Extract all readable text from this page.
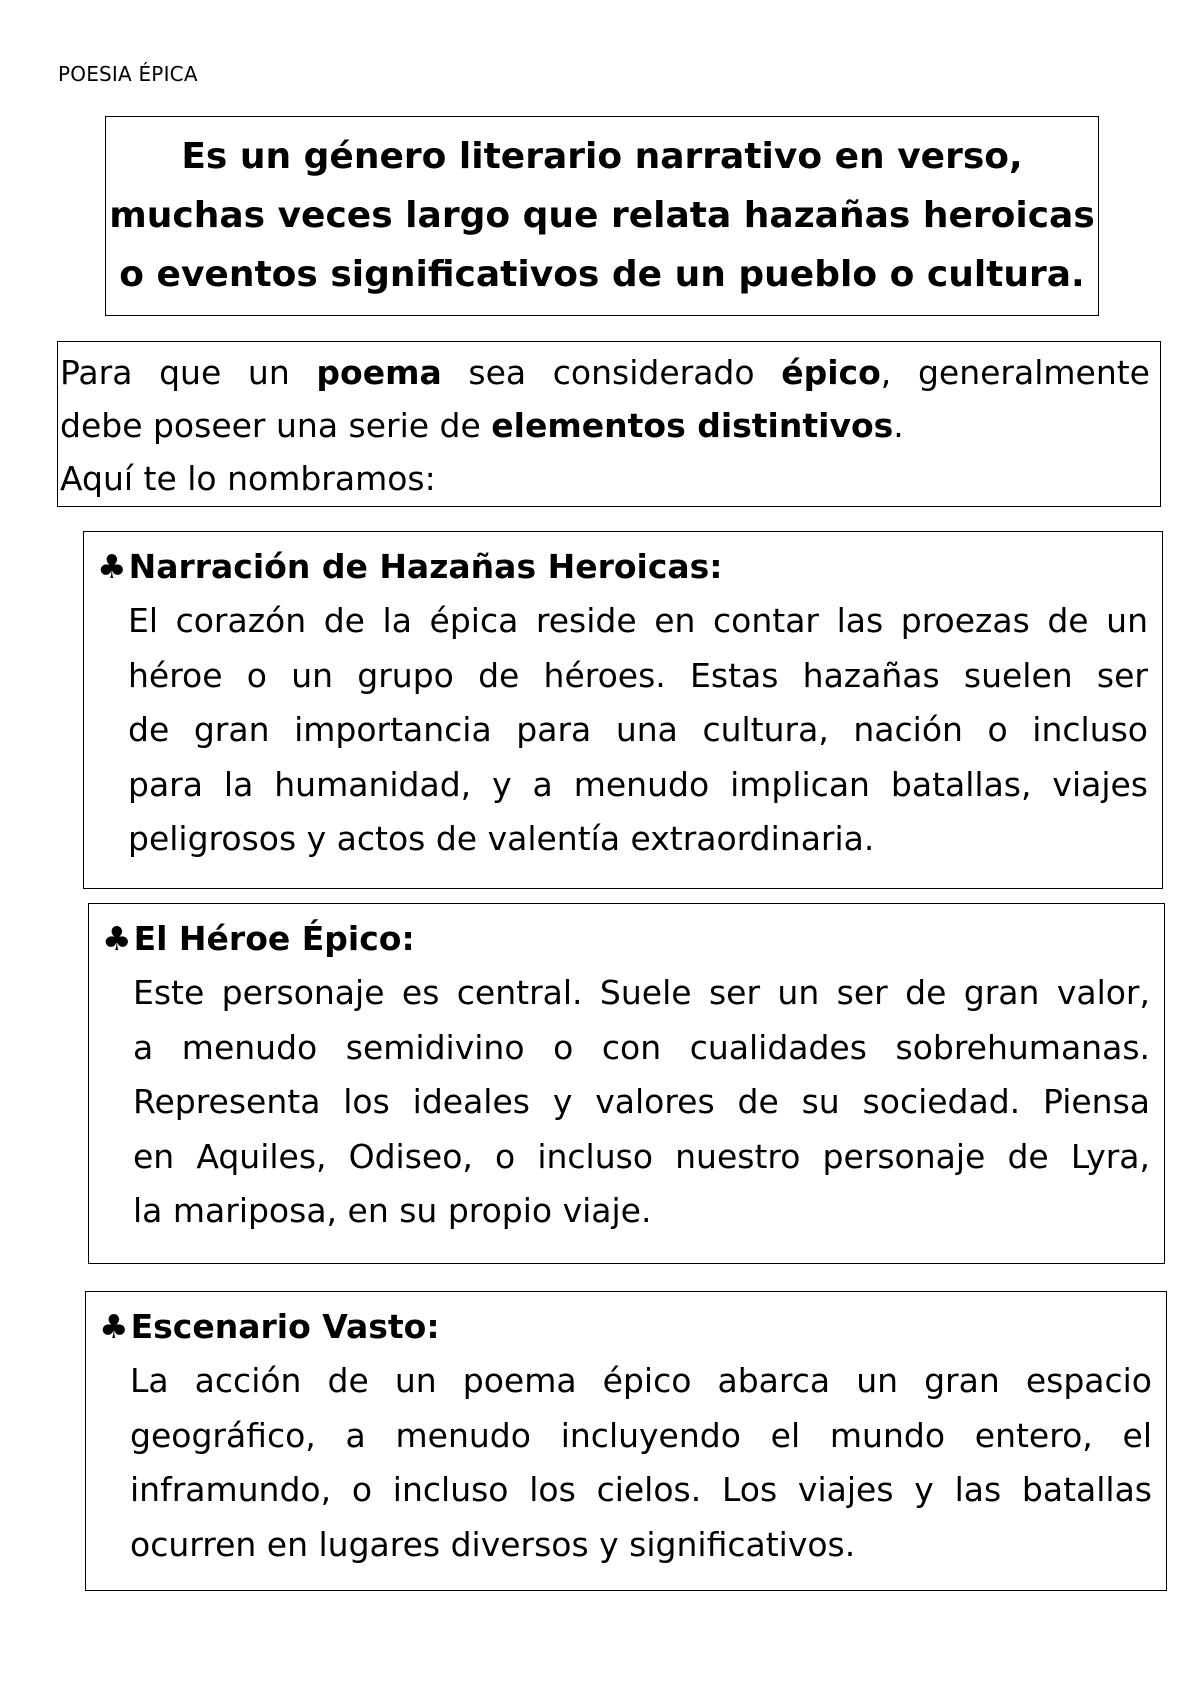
POESIA ÉPICA
Es un género literario narrativo en verso,
muchas veces largo que relata hazañas heroicas
o eventos significativos de un pueblo o cultura.
Para que un poema sea considerado épico, generalmente
debe poseer una serie de elementos distintivos.
Aquí te lo nombramos:
♣Narración de Hazañas Heroicas:
El corazón de la épica reside en contar las proezas de un
héroe o un grupo de héroes. Estas hazañas suelen ser
de gran importancia para una cultura, nación o incluso
para la humanidad, y a menudo implican batallas, viajes
peligrosos y actos de valentía extraordinaria.
♣El Héroe Épico:
Este personaje es central. Suele ser un ser de gran valor,
a menudo semidivino o con cualidades sobrehumanas.
Representa los ideales y valores de su sociedad. Piensa
en Aquiles, Odiseo, o incluso nuestro personaje de Lyra,
la mariposa, en su propio viaje.
♣Escenario Vasto:
La acción de un poema épico abarca un gran espacio
geográfico, a menudo incluyendo el mundo entero, el
inframundo, o incluso los cielos. Los viajes y las batallas
ocurren en lugares diversos y significativos.
